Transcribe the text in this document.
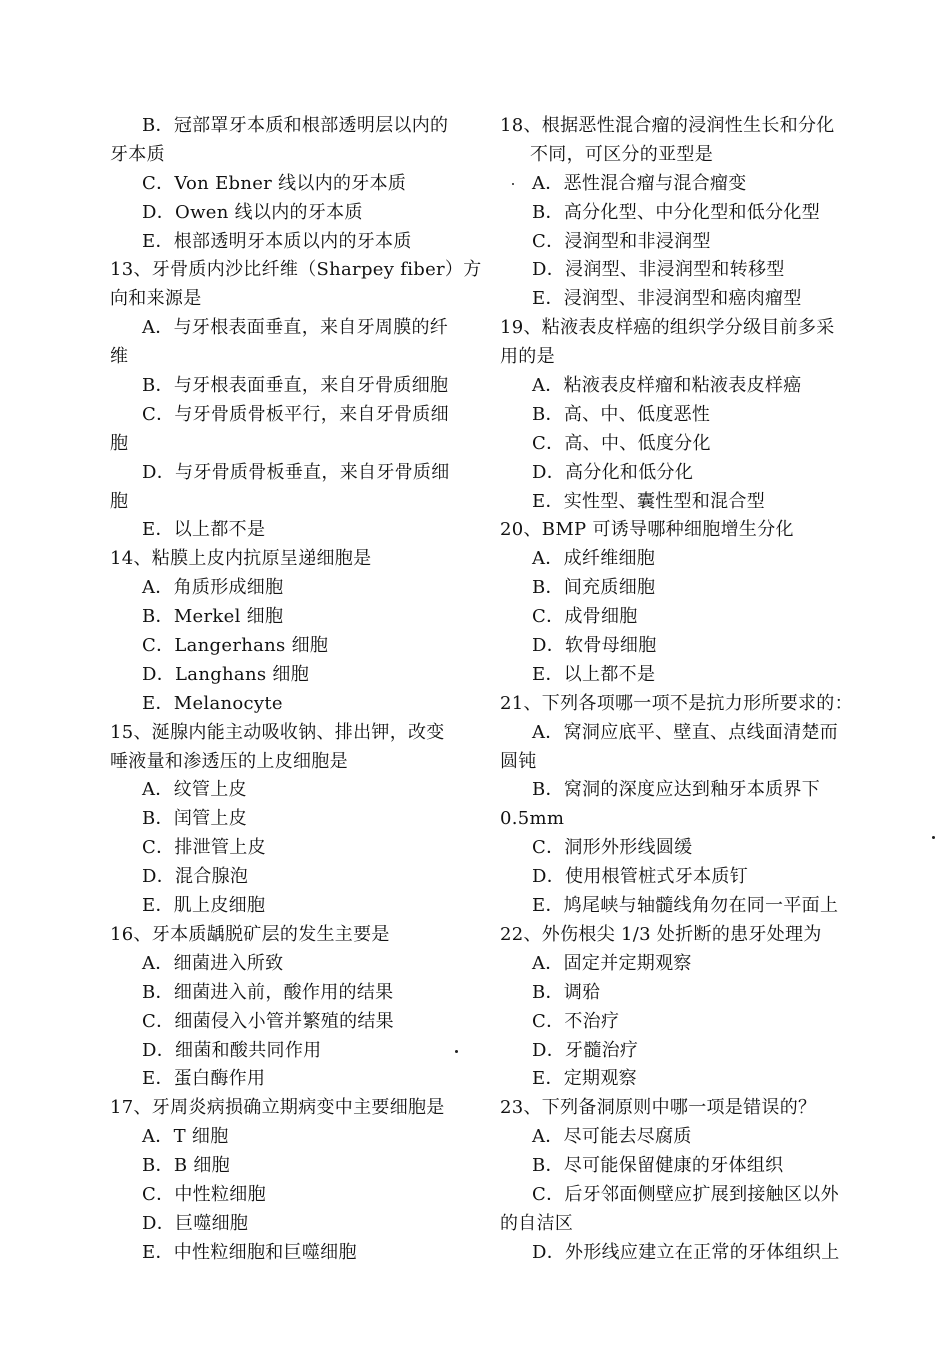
B．冠部罩牙本质和根部透明层以内的
牙本质
C．Von Ebner 线以内的牙本质
D．Owen 线以内的牙本质
E．根部透明牙本质以内的牙本质
13、牙骨质内沙比纤维（Sharpey fiber）方
向和来源是
A．与牙根表面垂直，来自牙周膜的纤
维
B．与牙根表面垂直，来自牙骨质细胞
C．与牙骨质骨板平行，来自牙骨质细
胞
D．与牙骨质骨板垂直，来自牙骨质细
胞
E．以上都不是
14、粘膜上皮内抗原呈递细胞是
A．角质形成细胞
B．Merkel 细胞
C．Langerhans 细胞
D．Langhans 细胞
E．Melanocyte
15、涎腺内能主动吸收钠、排出钾，改变
唾液量和渗透压的上皮细胞是
A．纹管上皮
B．闰管上皮
C．排泄管上皮
D．混合腺泡
E．肌上皮细胞
16、牙本质龋脱矿层的发生主要是
A．细菌进入所致
B．细菌进入前，酸作用的结果
C．细菌侵入小管并繁殖的结果
D．细菌和酸共同作用
E．蛋白酶作用
17、牙周炎病损确立期病变中主要细胞是
A．T 细胞
B．B 细胞
C．中性粒细胞
D．巨噬细胞
E．中性粒细胞和巨噬细胞
18、根据恶性混合瘤的浸润性生长和分化
不同，可区分的亚型是
A．恶性混合瘤与混合瘤变
B．高分化型、中分化型和低分化型
C．浸润型和非浸润型
D．浸润型、非浸润型和转移型
E．浸润型、非浸润型和癌肉瘤型
19、粘液表皮样癌的组织学分级目前多采
用的是
A．粘液表皮样瘤和粘液表皮样癌
B．高、中、低度恶性
C．高、中、低度分化
D．高分化和低分化
E．实性型、囊性型和混合型
20、BMP 可诱导哪种细胞增生分化
A．成纤维细胞
B．间充质细胞
C．成骨细胞
D．软骨母细胞
E．以上都不是
21、下列各项哪一项不是抗力形所要求的：
A．窝洞应底平、壁直、点线面清楚而
圆钝
B．窝洞的深度应达到釉牙本质界下
0.5mm
C．洞形外形线圆缓
D．使用根管桩式牙本质钉
E．鸠尾峡与轴髓线角勿在同一平面上
22、外伤根尖 1/3 处折断的患牙处理为
A．固定并定期观察
B．调𬌗
C．不治疗
D．牙髓治疗
E．定期观察
23、下列备洞原则中哪一项是错误的？
A．尽可能去尽腐质
B．尽可能保留健康的牙体组织
C．后牙邻面侧壁应扩展到接触区以外
的自洁区
D．外形线应建立在正常的牙体组织上
